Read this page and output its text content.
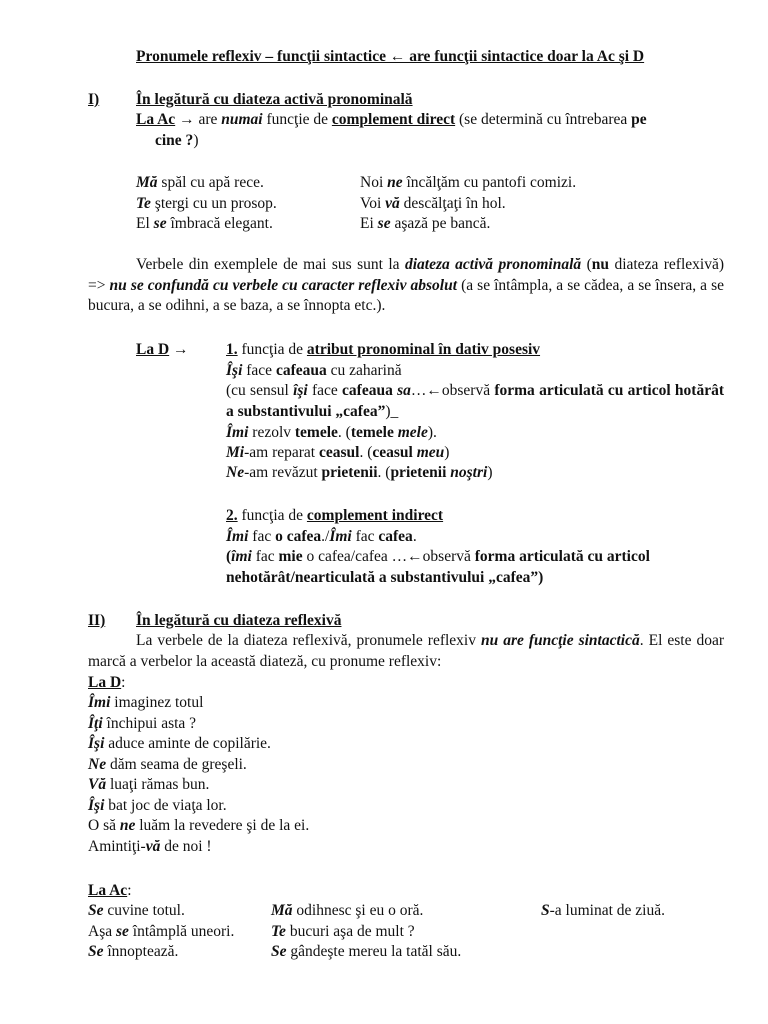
Pronumele reflexiv – funcţii sintactice ← are funcţii sintactice doar la Ac şi D
I) În legătură cu diateza activă pronominală
La Ac → are numai funcţie de complement direct (se determină cu întrebarea pe
cine ?)
Mă spăl cu apă rece.
Te ştergi cu un prosop.
El se îmbracă elegant.
Noi ne încălţăm cu pantofi comizi.
Voi vă descălţaţi în hol.
Ei se aşază pe bancă.
Verbele din exemplele de mai sus sunt la diateza activă pronominală (nu diateza reflexivă) => nu se confundă cu verbele cu caracter reflexiv absolut (a se întâmpla, a se cădea, a se însera, a se bucura, a se odihni, a se baza, a se înnopta etc.).
La D → 1. funcţia de atribut pronominal în dativ posesiv
Îşi face cafeaua cu zaharină
(cu sensul îşi face cafeaua sa…←observă forma articulată cu articol hotărât a substantivului „cafea”)_
Îmi rezolv temele. (temele mele).
Mi-am reparat ceasul. (ceasul meu)
Ne-am revăzut prietenii. (prietenii noştri)
2. funcţia de complement indirect
Îmi fac o cafea./Îmi fac cafea.
(îmi fac mie o cafea/cafea …←observă forma articulată cu articol nehotărât/nearticulată a substantivului „cafea”)
II) În legătură cu diateza reflexivă
La verbele de la diateza reflexivă, pronumele reflexiv nu are funcţie sintactică. El este doar marcă a verbelor la această diateză, cu pronume reflexiv:
La D:
Îmi imaginez totul
Îţi închipui asta ?
Îşi aduce aminte de copilărie.
Ne dăm seama de greşeli.
Vă luaţi rămas bun.
Îşi bat joc de viaţa lor.
O să ne luăm la revedere şi de la ei.
Amintiţi-vă de noi !
La Ac:
Se cuvine totul.
Aşa se întâmplă uneori.
Se înnoptează.
Mă odihnesc şi eu o oră.
Te bucuri aşa de mult ?
Se gândeşte mereu la tatăl său.
S-a luminat de ziuă.
